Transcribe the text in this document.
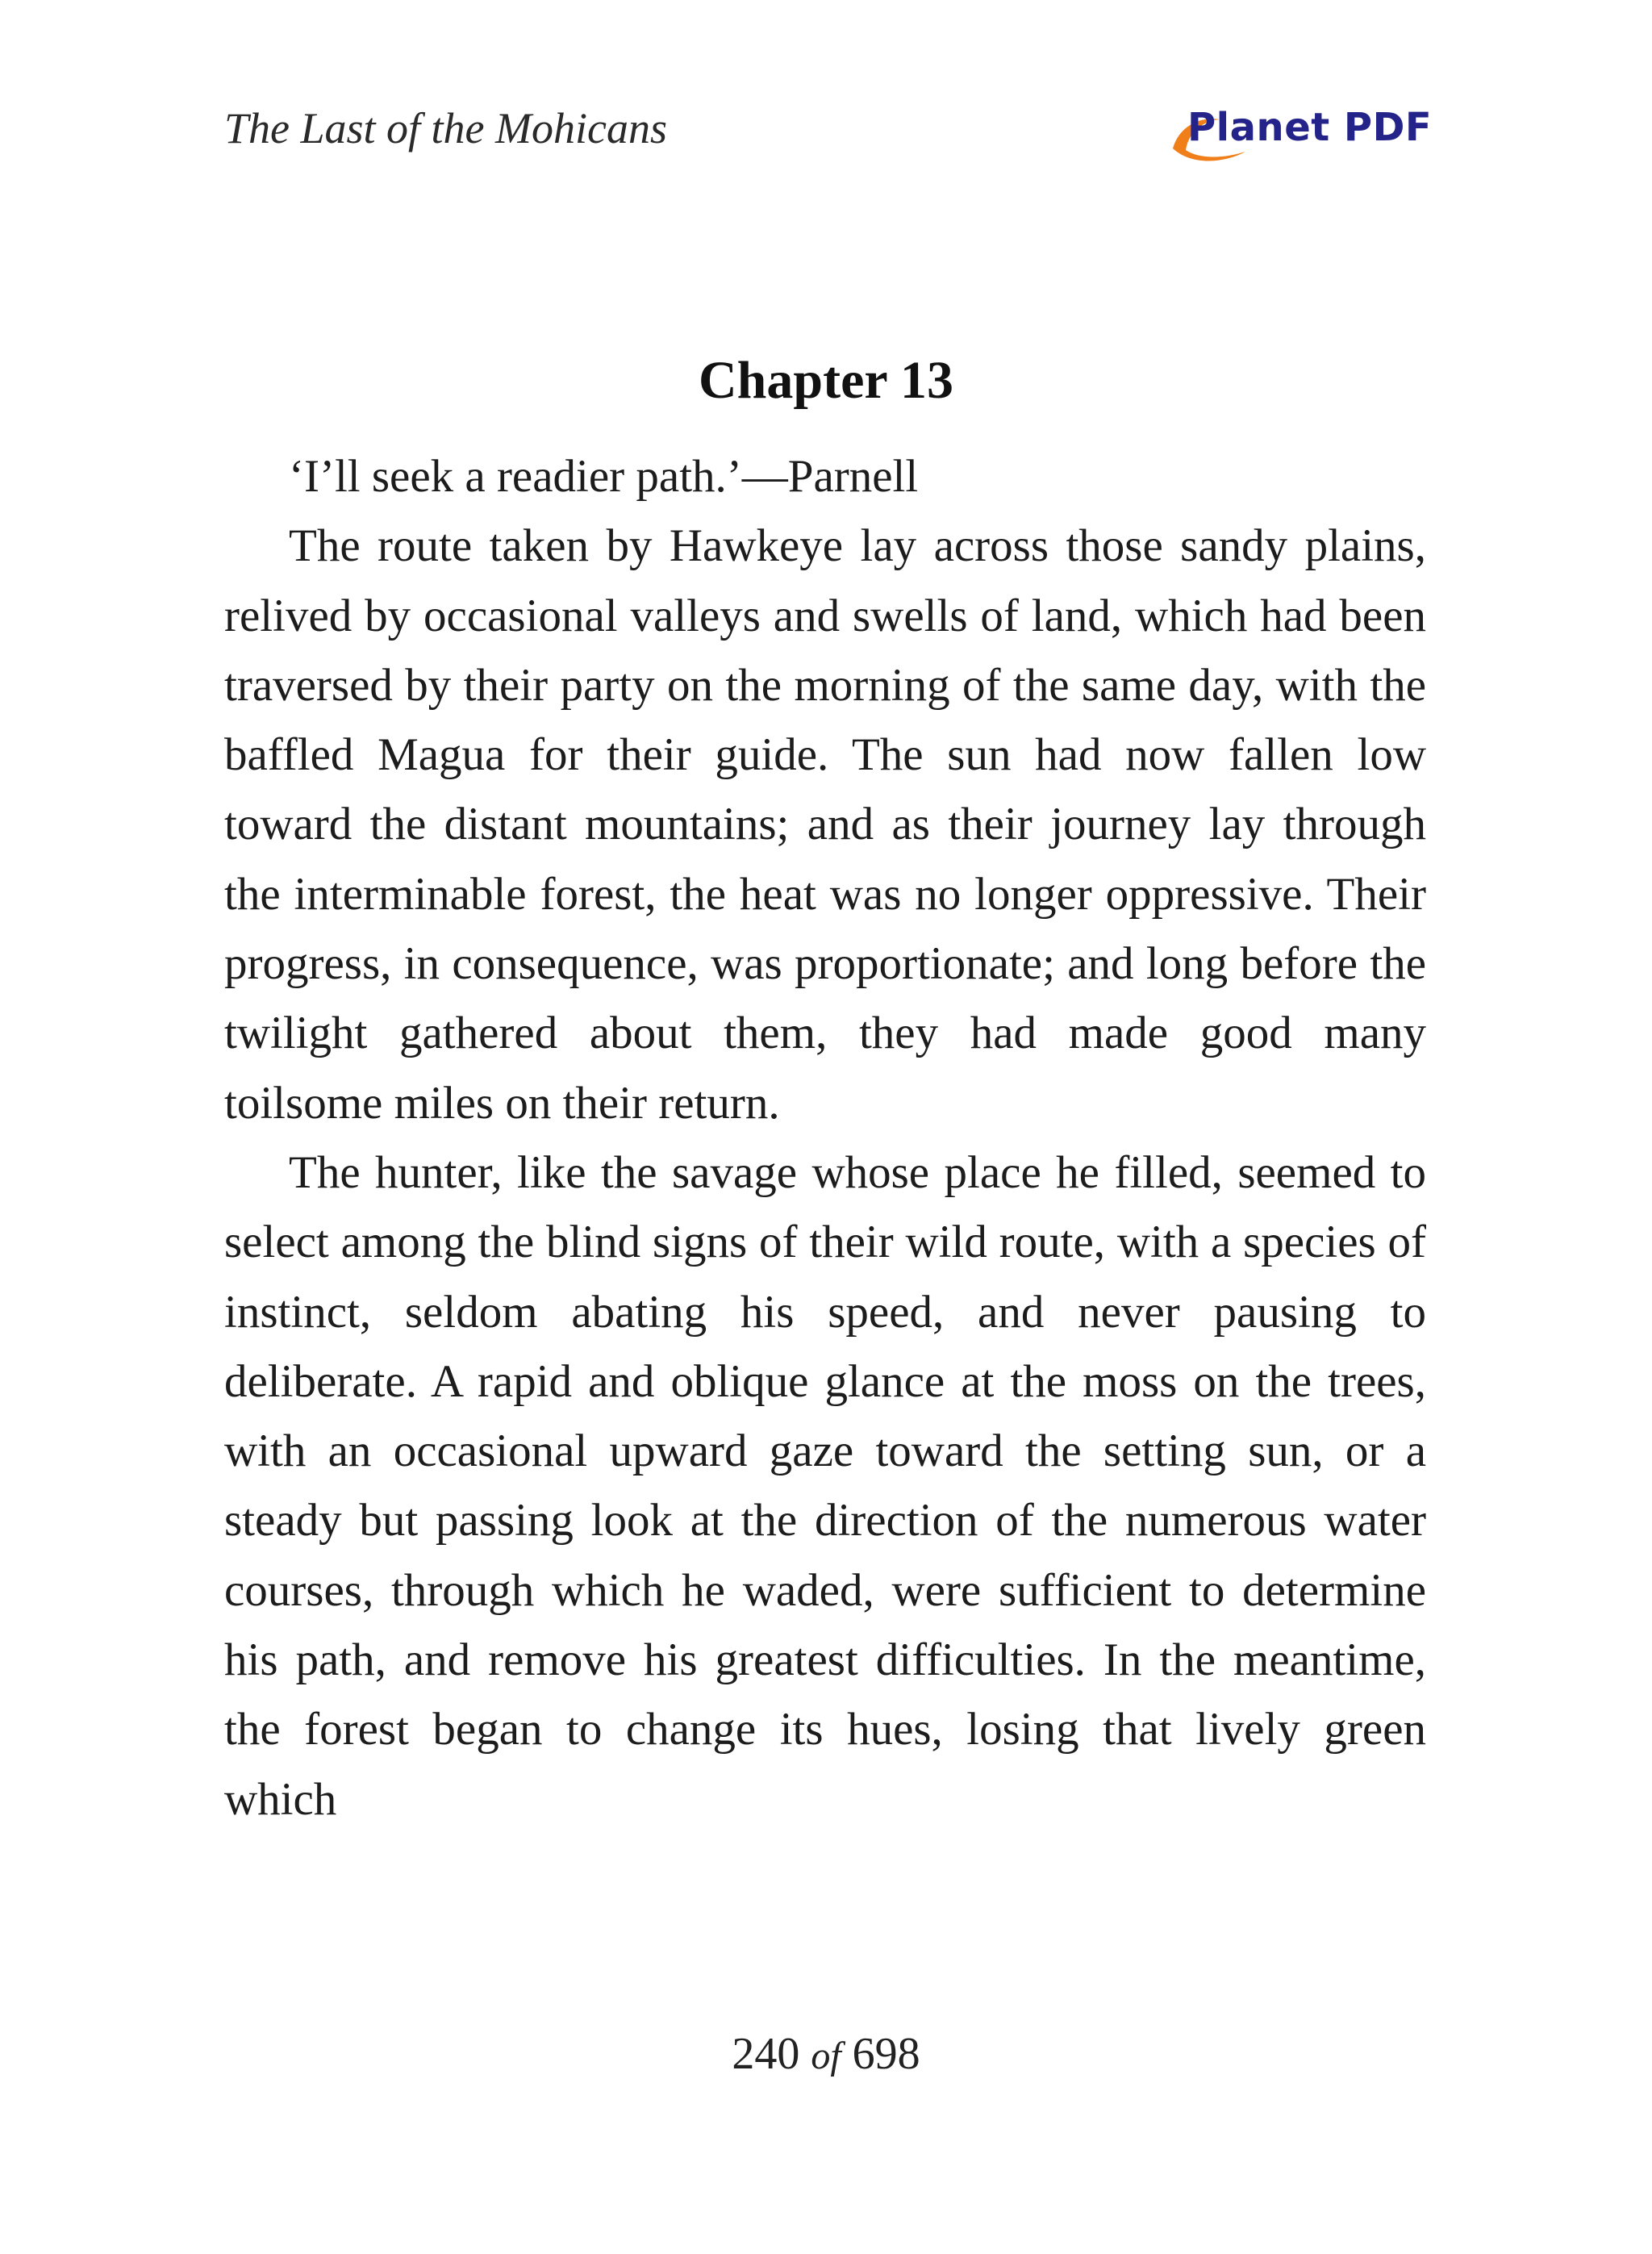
The Last of the Mohicans	Planet PDF
Chapter 13

‘I’ll seek a readier path.’—Parnell

The route taken by Hawkeye lay across those sandy plains, relived by occasional valleys and swells of land, which had been traversed by their party on the morning of the same day, with the baffled Magua for their guide. The sun had now fallen low toward the distant mountains; and as their journey lay through the interminable forest, the heat was no longer oppressive. Their progress, in consequence, was proportionate; and long before the twilight gathered about them, they had made good many toilsome miles on their return.

The hunter, like the savage whose place he filled, seemed to select among the blind signs of their wild route, with a species of instinct, seldom abating his speed, and never pausing to deliberate. A rapid and oblique glance at the moss on the trees, with an occasional upward gaze toward the setting sun, or a steady but passing look at the direction of the numerous water courses, through which he waded, were sufficient to determine his path, and remove his greatest difficulties. In the meantime, the forest began to change its hues, losing that lively green which

240 of 698
